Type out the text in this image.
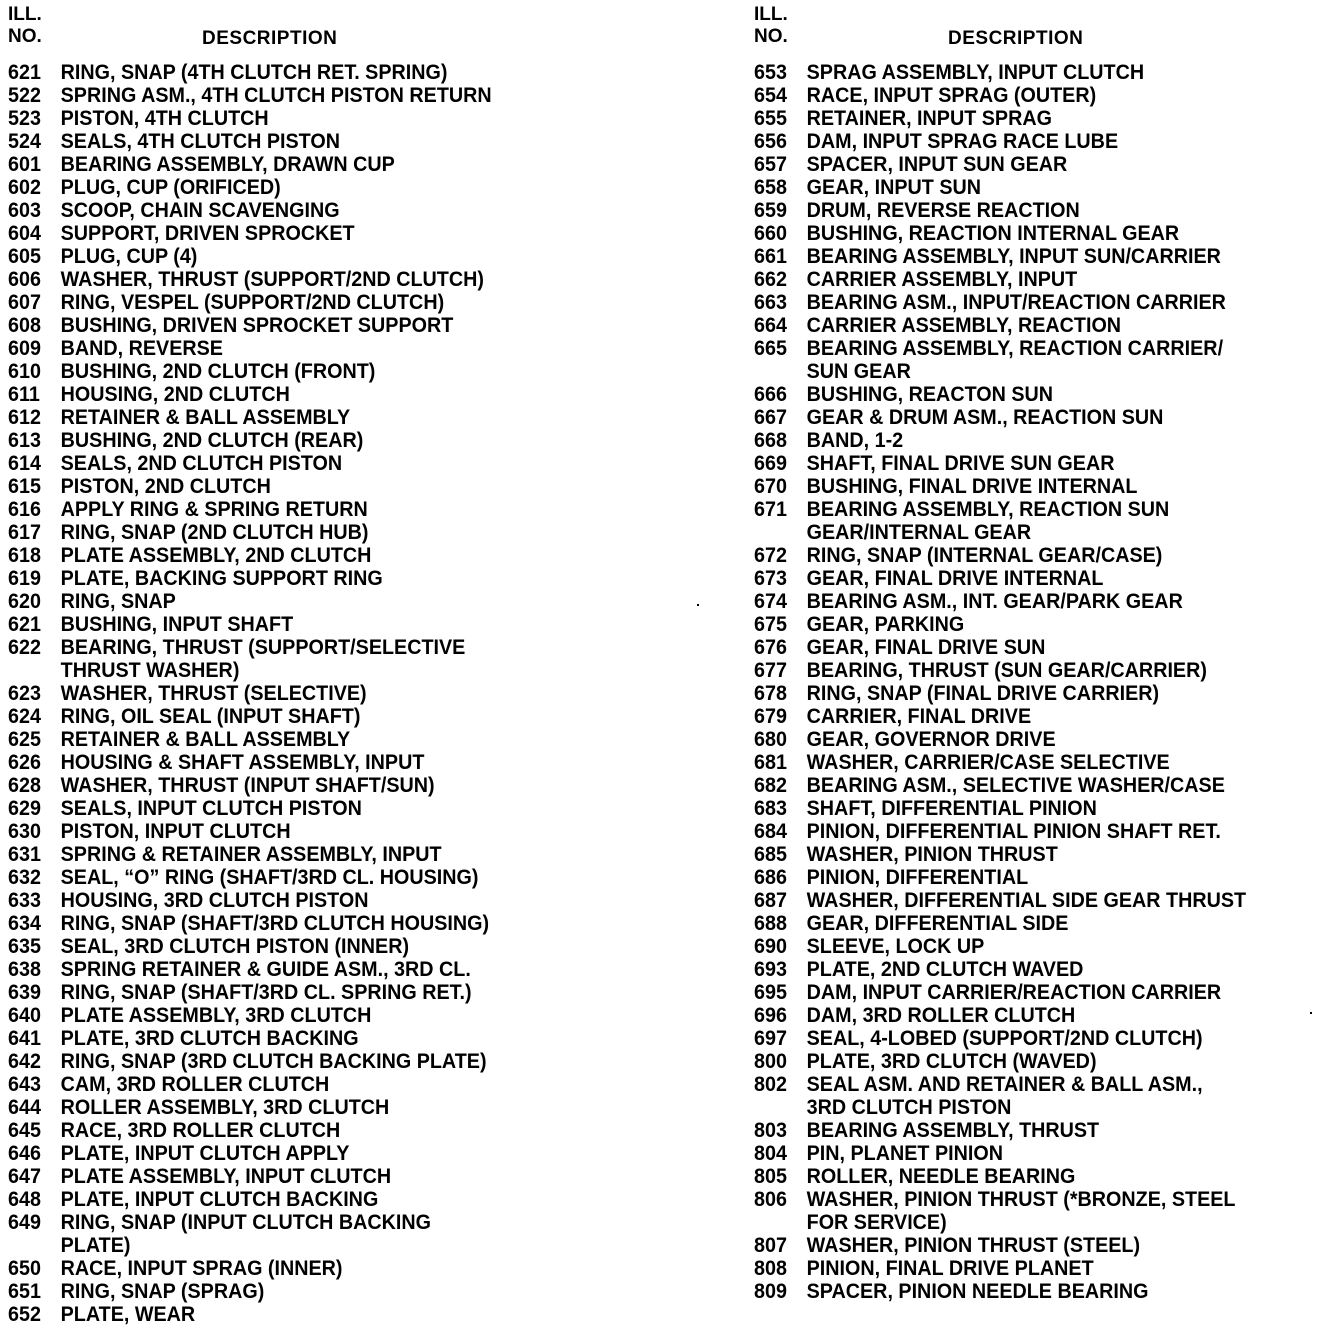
ILL.
NO.	DESCRIPTION
621 RING, SNAP (4TH CLUTCH RET. SPRING)
522 SPRING ASM., 4TH CLUTCH PISTON RETURN
523 PISTON, 4TH CLUTCH
524 SEALS, 4TH CLUTCH PISTON
601 BEARING ASSEMBLY, DRAWN CUP
602 PLUG, CUP (ORIFICED)
603 SCOOP, CHAIN SCAVENGING
604 SUPPORT, DRIVEN SPROCKET
605 PLUG, CUP (4)
606 WASHER, THRUST (SUPPORT/2ND CLUTCH)
607 RING, VESPEL (SUPPORT/2ND CLUTCH)
608 BUSHING, DRIVEN SPROCKET SUPPORT
609 BAND, REVERSE
610 BUSHING, 2ND CLUTCH (FRONT)
611 HOUSING, 2ND CLUTCH
612 RETAINER & BALL ASSEMBLY
613 BUSHING, 2ND CLUTCH (REAR)
614 SEALS, 2ND CLUTCH PISTON
615 PISTON, 2ND CLUTCH
616 APPLY RING & SPRING RETURN
617 RING, SNAP (2ND CLUTCH HUB)
618 PLATE ASSEMBLY, 2ND CLUTCH
619 PLATE, BACKING SUPPORT RING
620 RING, SNAP
621 BUSHING, INPUT SHAFT
622 BEARING, THRUST (SUPPORT/SELECTIVE
THRUST WASHER)
623 WASHER, THRUST (SELECTIVE)
624 RING, OIL SEAL (INPUT SHAFT)
625 RETAINER & BALL ASSEMBLY
626 HOUSING & SHAFT ASSEMBLY, INPUT
628 WASHER, THRUST (INPUT SHAFT/SUN)
629 SEALS, INPUT CLUTCH PISTON
630 PISTON, INPUT CLUTCH
631 SPRING & RETAINER ASSEMBLY, INPUT
632 SEAL, “O” RING (SHAFT/3RD CL. HOUSING)
633 HOUSING, 3RD CLUTCH PISTON
634 RING, SNAP (SHAFT/3RD CLUTCH HOUSING)
635 SEAL, 3RD CLUTCH PISTON (INNER)
638 SPRING RETAINER & GUIDE ASM., 3RD CL.
639 RING, SNAP (SHAFT/3RD CL. SPRING RET.)
640 PLATE ASSEMBLY, 3RD CLUTCH
641 PLATE, 3RD CLUTCH BACKING
642 RING, SNAP (3RD CLUTCH BACKING PLATE)
643 CAM, 3RD ROLLER CLUTCH
644 ROLLER ASSEMBLY, 3RD CLUTCH
645 RACE, 3RD ROLLER CLUTCH
646 PLATE, INPUT CLUTCH APPLY
647 PLATE ASSEMBLY, INPUT CLUTCH
648 PLATE, INPUT CLUTCH BACKING
649 RING, SNAP (INPUT CLUTCH BACKING
PLATE)
650 RACE, INPUT SPRAG (INNER)
651 RING, SNAP (SPRAG)
652 PLATE, WEAR
ILL.
NO.	DESCRIPTION
653 SPRAG ASSEMBLY, INPUT CLUTCH
654 RACE, INPUT SPRAG (OUTER)
655 RETAINER, INPUT SPRAG
656 DAM, INPUT SPRAG RACE LUBE
657 SPACER, INPUT SUN GEAR
658 GEAR, INPUT SUN
659 DRUM, REVERSE REACTION
660 BUSHING, REACTION INTERNAL GEAR
661 BEARING ASSEMBLY, INPUT SUN/CARRIER
662 CARRIER ASSEMBLY, INPUT
663 BEARING ASM., INPUT/REACTION CARRIER
664 CARRIER ASSEMBLY, REACTION
665 BEARING ASSEMBLY, REACTION CARRIER/
SUN GEAR
666 BUSHING, REACTON SUN
667 GEAR & DRUM ASM., REACTION SUN
668 BAND, 1-2
669 SHAFT, FINAL DRIVE SUN GEAR
670 BUSHING, FINAL DRIVE INTERNAL
671 BEARING ASSEMBLY, REACTION SUN
GEAR/INTERNAL GEAR
672 RING, SNAP (INTERNAL GEAR/CASE)
673 GEAR, FINAL DRIVE INTERNAL
674 BEARING ASM., INT. GEAR/PARK GEAR
675 GEAR, PARKING
676 GEAR, FINAL DRIVE SUN
677 BEARING, THRUST (SUN GEAR/CARRIER)
678 RING, SNAP (FINAL DRIVE CARRIER)
679 CARRIER, FINAL DRIVE
680 GEAR, GOVERNOR DRIVE
681 WASHER, CARRIER/CASE SELECTIVE
682 BEARING ASM., SELECTIVE WASHER/CASE
683 SHAFT, DIFFERENTIAL PINION
684 PINION, DIFFERENTIAL PINION SHAFT RET.
685 WASHER, PINION THRUST
686 PINION, DIFFERENTIAL
687 WASHER, DIFFERENTIAL SIDE GEAR THRUST
688 GEAR, DIFFERENTIAL SIDE
690 SLEEVE, LOCK UP
693 PLATE, 2ND CLUTCH WAVED
695 DAM, INPUT CARRIER/REACTION CARRIER
696 DAM, 3RD ROLLER CLUTCH
697 SEAL, 4-LOBED (SUPPORT/2ND CLUTCH)
800 PLATE, 3RD CLUTCH (WAVED)
802 SEAL ASM. AND RETAINER & BALL ASM.,
3RD CLUTCH PISTON
803 BEARING ASSEMBLY, THRUST
804 PIN, PLANET PINION
805 ROLLER, NEEDLE BEARING
806 WASHER, PINION THRUST (*BRONZE, STEEL
FOR SERVICE)
807 WASHER, PINION THRUST (STEEL)
808 PINION, FINAL DRIVE PLANET
809 SPACER, PINION NEEDLE BEARING
